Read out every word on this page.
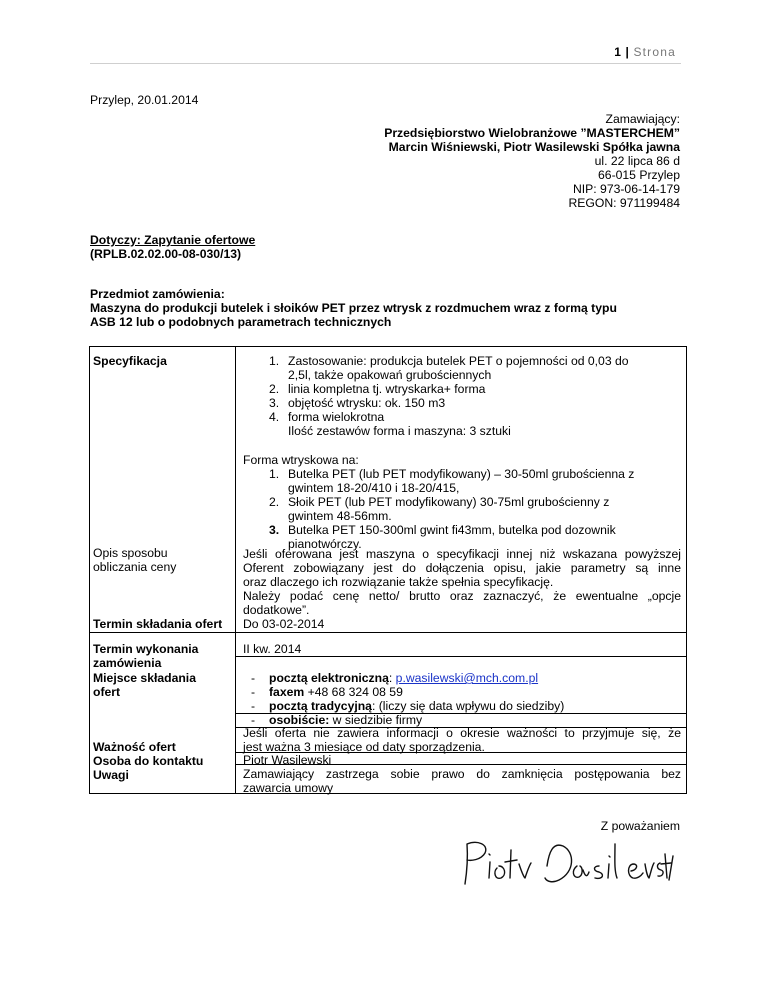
1 | Strona
Przylep, 20.01.2014
Zamawiający:
Przedsiębiorstwo Wielobranżowe ”MASTERCHEM”
Marcin Wiśniewski, Piotr Wasilewski Spółka jawna
ul. 22 lipca 86 d
66-015 Przylep
NIP: 973-06-14-179
REGON: 971199484
Dotyczy: Zapytanie ofertowe
(RPLB.02.02.00-08-030/13)
Przedmiot zamówienia:
Maszyna do produkcji butelek i słoików PET przez wtrysk z rozdmuchem wraz z formą typu
ASB 12 lub o podobnych parametrach technicznych
Specyfikacja
Opis sposobu
obliczania ceny
Termin składania ofert
Termin wykonania
zamówienia
Miejsce składania
ofert
Ważność ofert
Osoba do kontaktu
Uwagi
1. Zastosowanie: produkcja butelek PET o pojemności od 0,03 do
2,5l, także opakowań grubościennych
2. linia kompletna tj. wtryskarka+ forma
3. objętość wtrysku: ok. 150 m3
4. forma wielokrotna
Ilość zestawów forma i maszyna: 3 sztuki
Forma wtryskowa na:
1. Butelka PET (lub PET modyfikowany) – 30-50ml grubościenna z
gwintem 18-20/410 i 18-20/415,
2. Słoik PET (lub PET modyfikowany) 30-75ml grubościenny z
gwintem 48-56mm.
3. Butelka PET 150-300ml gwint fi43mm, butelka pod dozownik
pianotwórczy.
Jeśli oferowana jest maszyna o specyfikacji innej niż wskazana powyższej
Oferent zobowiązany jest do dołączenia opisu, jakie parametry są inne
oraz dlaczego ich rozwiązanie także spełnia specyfikację.
Należy podać cenę netto/ brutto oraz zaznaczyć, że ewentualne „opcje
dodatkowe”.
Do 03-02-2014
II kw. 2014
- pocztą elektroniczną: p.wasilewski@mch.com.pl
- faxem +48 68 324 08 59
- pocztą tradycyjną: (liczy się data wpływu do siedziby)
- osobiście: w siedzibie firmy
Jeśli oferta nie zawiera informacji o okresie ważności to przyjmuje się, że
jest ważna 3 miesiące od daty sporządzenia.
Piotr Wasilewski
Zamawiający zastrzega sobie prawo do zamknięcia postępowania bez
zawarcia umowy
Z poważaniem
